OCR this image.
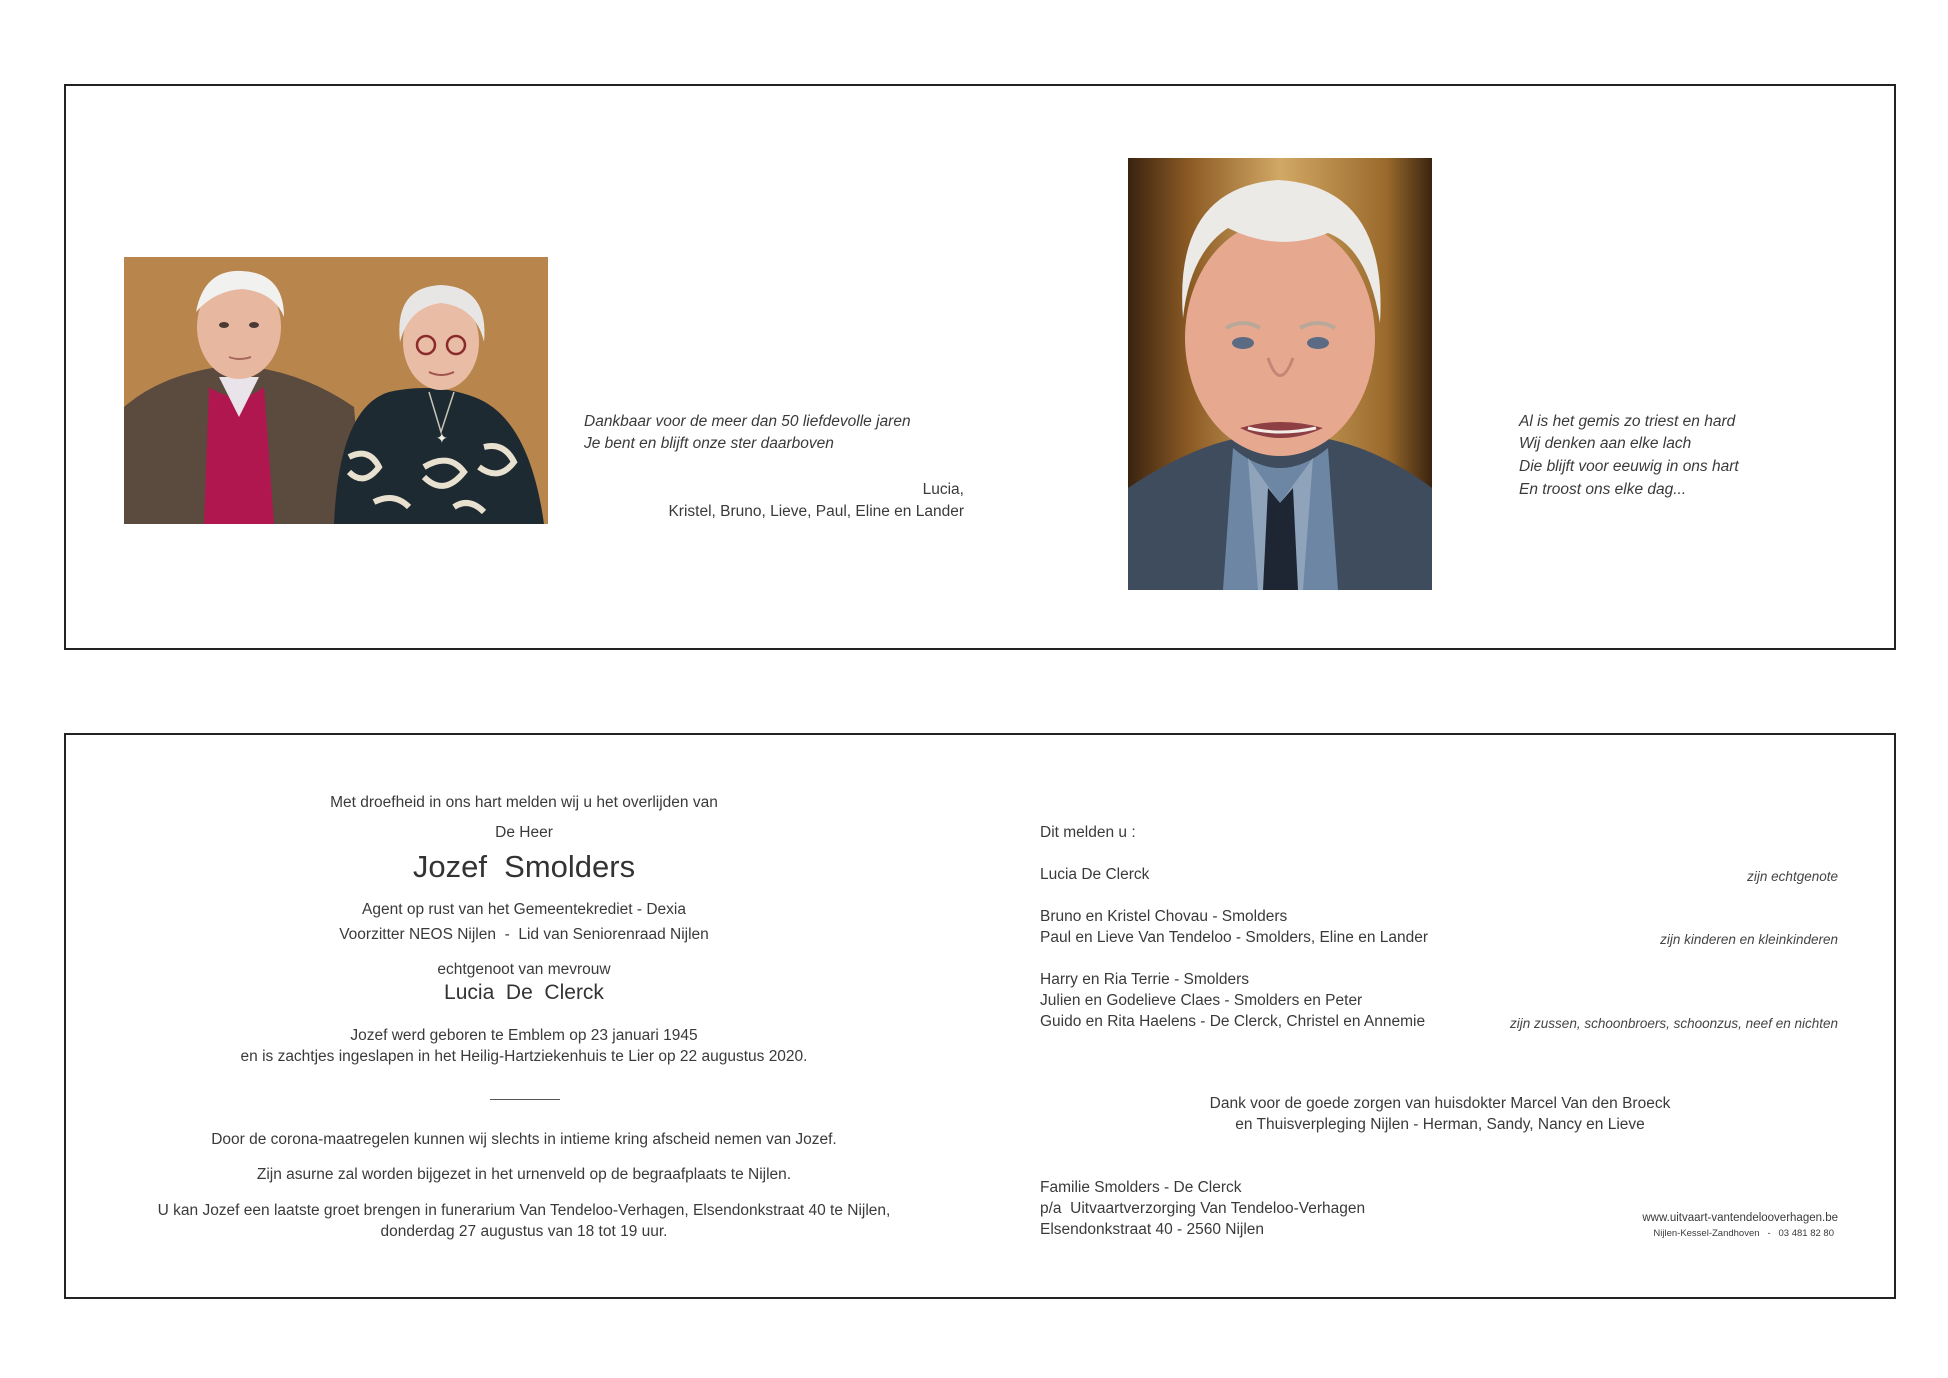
✦
Dankbaar voor de meer dan 50 liefdevolle jaren
Je bent en blijft onze ster daarboven
Lucia,
Kristel, Bruno, Lieve, Paul, Eline en Lander
Al is het gemis zo triest en hard
Wij denken aan elke lach
Die blijft voor eeuwig in ons hart
En troost ons elke dag...
Met droefheid in ons hart melden wij u het overlijden van
De Heer
Jozef  Smolders
Agent op rust van het Gemeentekrediet - Dexia
Voorzitter NEOS Nijlen  -  Lid van Seniorenraad Nijlen
echtgenoot van mevrouw
Lucia  De  Clerck
Jozef werd geboren te Emblem op 23 januari 1945
en is zachtjes ingeslapen in het Heilig-Hartziekenhuis te Lier op 22 augustus 2020.
Door de corona-maatregelen kunnen wij slechts in intieme kring afscheid nemen van Jozef.
Zijn asurne zal worden bijgezet in het urnenveld op de begraafplaats te Nijlen.
U kan Jozef een laatste groet brengen in funerarium Van Tendeloo-Verhagen, Elsendonkstraat 40 te Nijlen,
donderdag 27 augustus van 18 tot 19 uur.
Dit melden u :
Lucia De Clerck	zijn echtgenote
Bruno en Kristel Chovau - Smolders
Paul en Lieve Van Tendeloo - Smolders, Eline en Lander	zijn kinderen en kleinkinderen
Harry en Ria Terrie - Smolders
Julien en Godelieve Claes - Smolders en Peter
Guido en Rita Haelens - De Clerck, Christel en Annemie	zijn zussen, schoonbroers, schoonzus, neef en nichten
Dank voor de goede zorgen van huisdokter Marcel Van den Broeck
en Thuisverpleging Nijlen - Herman, Sandy, Nancy en Lieve
Familie Smolders - De Clerck
p/a  Uitvaartverzorging Van Tendeloo-Verhagen
Elsendonkstraat 40 - 2560 Nijlen
www.uitvaart-vantendelooverhagen.be
Nijlen-Kessel-Zandhoven   -   03 481 82 80
